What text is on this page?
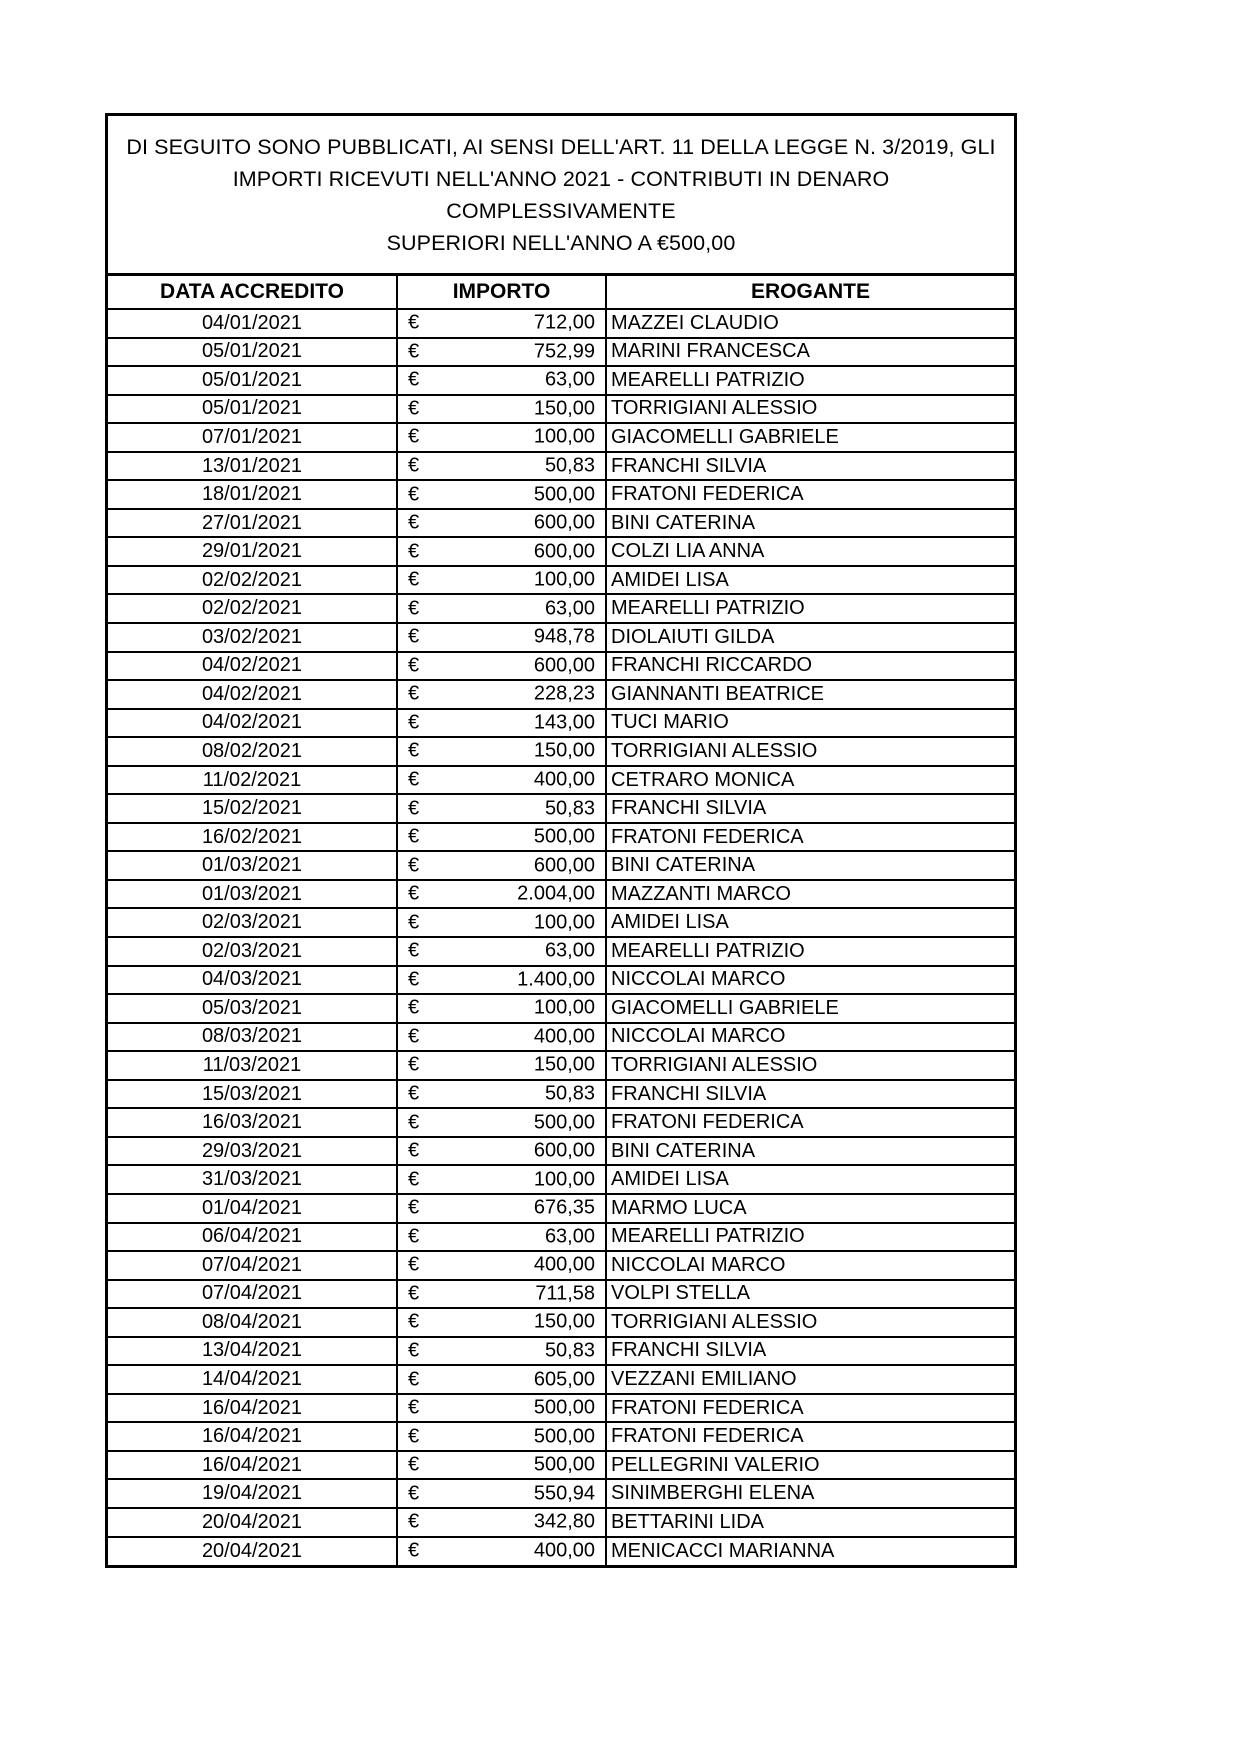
DI SEGUITO SONO PUBBLICATI, AI SENSI DELL'ART. 11 DELLA LEGGE N. 3/2019, GLI
IMPORTI RICEVUTI NELL'ANNO 2021 - CONTRIBUTI IN DENARO COMPLESSIVAMENTE
SUPERIORI NELL'ANNO A €500,00
DATA ACCREDITO	IMPORTO	EROGANTE
04/01/2021	€ 712,00	MAZZEI CLAUDIO
05/01/2021	€ 752,99	MARINI FRANCESCA
05/01/2021	€ 63,00	MEARELLI PATRIZIO
05/01/2021	€ 150,00	TORRIGIANI ALESSIO
07/01/2021	€ 100,00	GIACOMELLI GABRIELE
13/01/2021	€ 50,83	FRANCHI SILVIA
18/01/2021	€ 500,00	FRATONI FEDERICA
27/01/2021	€ 600,00	BINI CATERINA
29/01/2021	€ 600,00	COLZI LIA ANNA
02/02/2021	€ 100,00	AMIDEI LISA
02/02/2021	€ 63,00	MEARELLI PATRIZIO
03/02/2021	€ 948,78	DIOLAIUTI GILDA
04/02/2021	€ 600,00	FRANCHI RICCARDO
04/02/2021	€ 228,23	GIANNANTI BEATRICE
04/02/2021	€ 143,00	TUCI MARIO
08/02/2021	€ 150,00	TORRIGIANI ALESSIO
11/02/2021	€ 400,00	CETRARO MONICA
15/02/2021	€ 50,83	FRANCHI SILVIA
16/02/2021	€ 500,00	FRATONI FEDERICA
01/03/2021	€ 600,00	BINI CATERINA
01/03/2021	€ 2.004,00	MAZZANTI MARCO
02/03/2021	€ 100,00	AMIDEI LISA
02/03/2021	€ 63,00	MEARELLI PATRIZIO
04/03/2021	€ 1.400,00	NICCOLAI MARCO
05/03/2021	€ 100,00	GIACOMELLI GABRIELE
08/03/2021	€ 400,00	NICCOLAI MARCO
11/03/2021	€ 150,00	TORRIGIANI ALESSIO
15/03/2021	€ 50,83	FRANCHI SILVIA
16/03/2021	€ 500,00	FRATONI FEDERICA
29/03/2021	€ 600,00	BINI CATERINA
31/03/2021	€ 100,00	AMIDEI LISA
01/04/2021	€ 676,35	MARMO LUCA
06/04/2021	€ 63,00	MEARELLI PATRIZIO
07/04/2021	€ 400,00	NICCOLAI MARCO
07/04/2021	€ 711,58	VOLPI STELLA
08/04/2021	€ 150,00	TORRIGIANI ALESSIO
13/04/2021	€ 50,83	FRANCHI SILVIA
14/04/2021	€ 605,00	VEZZANI EMILIANO
16/04/2021	€ 500,00	FRATONI FEDERICA
16/04/2021	€ 500,00	FRATONI FEDERICA
16/04/2021	€ 500,00	PELLEGRINI VALERIO
19/04/2021	€ 550,94	SINIMBERGHI ELENA
20/04/2021	€ 342,80	BETTARINI LIDA
20/04/2021	€ 400,00	MENICACCI MARIANNA
